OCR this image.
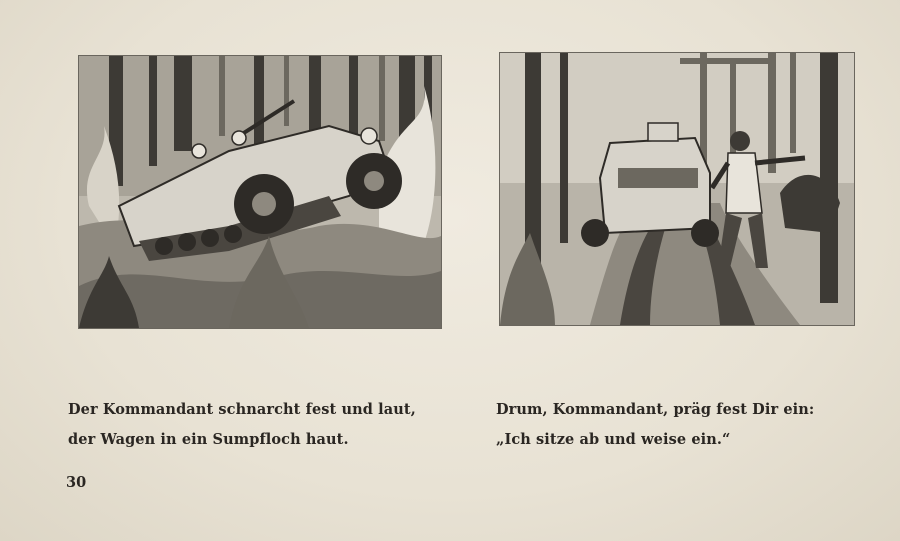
Der Kommandant schnarcht fest und laut,
der Wagen in ein Sumpfloch haut.
Drum, Kommandant, präg fest Dir ein:
„Ich sitze ab und weise ein.“
30
